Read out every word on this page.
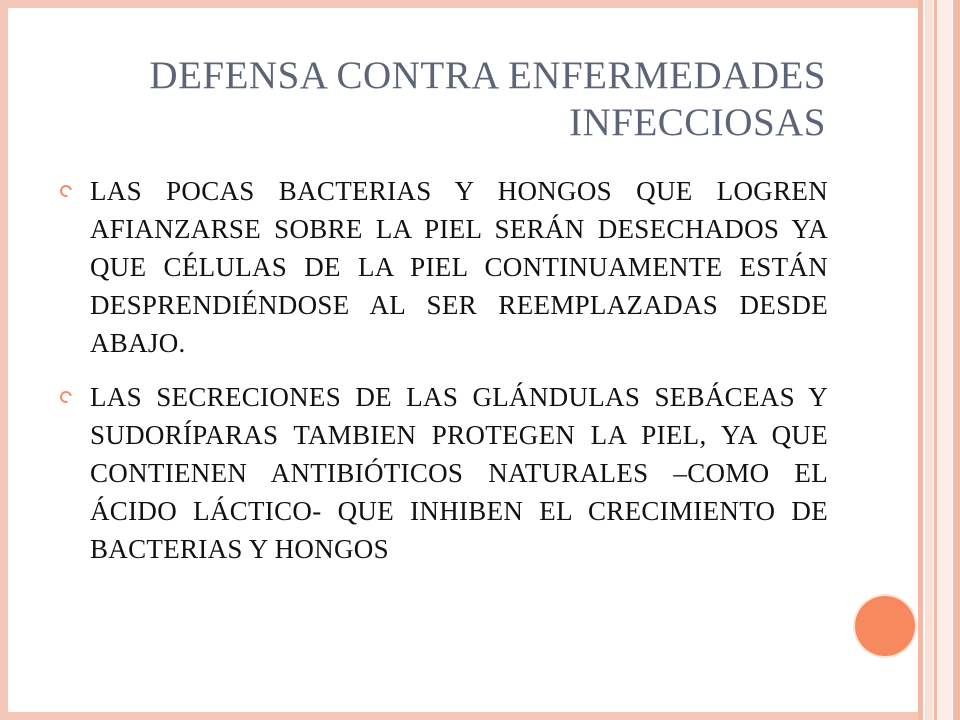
DEFENSA CONTRA ENFERMEDADES
INFECCIOSAS
LAS POCAS BACTERIAS Y HONGOS QUE LOGREN AFIANZARSE SOBRE LA PIEL SERÁN DESECHADOS YA QUE CÉLULAS DE LA PIEL CONTINUAMENTE ESTÁN DESPRENDIÉNDOSE AL SER REEMPLAZADAS DESDE ABAJO.
LAS SECRECIONES DE LAS GLÁNDULAS SEBÁCEAS Y SUDORÍPARAS TAMBIEN PROTEGEN LA PIEL, YA QUE CONTIENEN ANTIBIÓTICOS NATURALES –COMO EL ÁCIDO LÁCTICO- QUE INHIBEN EL CRECIMIENTO DE BACTERIAS Y HONGOS
